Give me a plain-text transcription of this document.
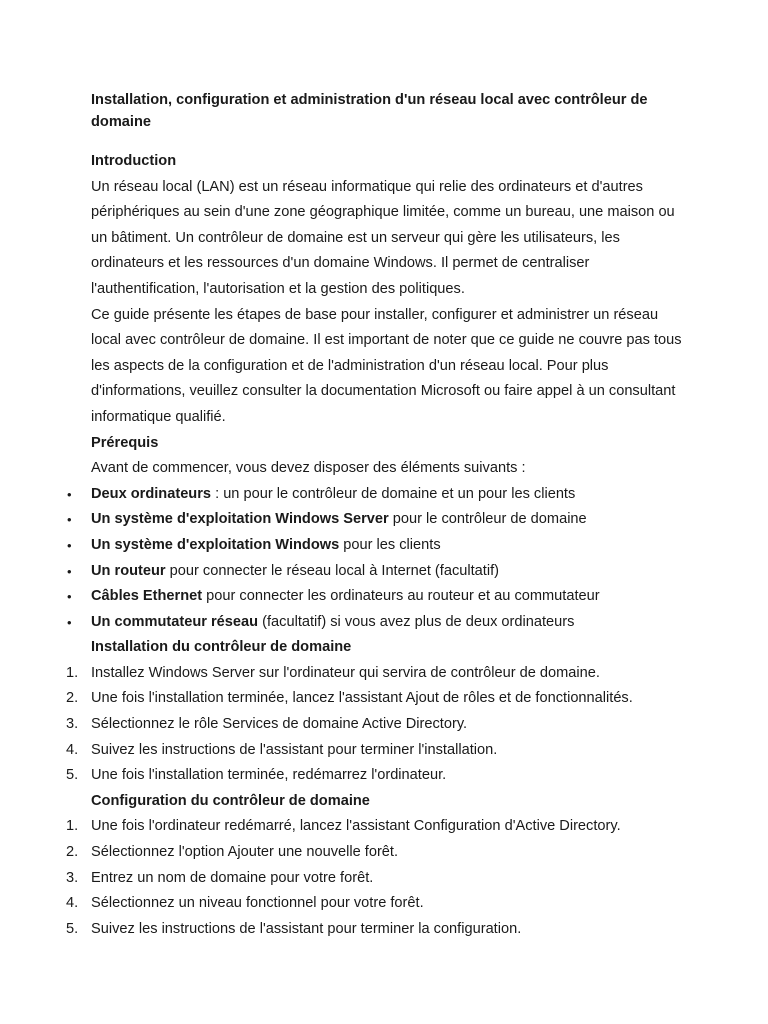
Installation, configuration et administration d'un réseau local avec contrôleur de domaine
Introduction

Un réseau local (LAN) est un réseau informatique qui relie des ordinateurs et d'autres périphériques au sein d'une zone géographique limitée, comme un bureau, une maison ou un bâtiment. Un contrôleur de domaine est un serveur qui gère les utilisateurs, les ordinateurs et les ressources d'un domaine Windows. Il permet de centraliser l'authentification, l'autorisation et la gestion des politiques.

Ce guide présente les étapes de base pour installer, configurer et administrer un réseau local avec contrôleur de domaine. Il est important de noter que ce guide ne couvre pas tous les aspects de la configuration et de l'administration d'un réseau local. Pour plus d'informations, veuillez consulter la documentation Microsoft ou faire appel à un consultant informatique qualifié.

Prérequis

Avant de commencer, vous devez disposer des éléments suivants :

• Deux ordinateurs : un pour le contrôleur de domaine et un pour les clients
• Un système d'exploitation Windows Server pour le contrôleur de domaine
• Un système d'exploitation Windows pour les clients
• Un routeur pour connecter le réseau local à Internet (facultatif)
• Câbles Ethernet pour connecter les ordinateurs au routeur et au commutateur
• Un commutateur réseau (facultatif) si vous avez plus de deux ordinateurs
Installation du contrôleur de domaine
1. Installez Windows Server sur l'ordinateur qui servira de contrôleur de domaine.
2. Une fois l'installation terminée, lancez l'assistant Ajout de rôles et de fonctionnalités.
3. Sélectionnez le rôle Services de domaine Active Directory.
4. Suivez les instructions de l'assistant pour terminer l'installation.
5. Une fois l'installation terminée, redémarrez l'ordinateur.
Configuration du contrôleur de domaine
1. Une fois l'ordinateur redémarré, lancez l'assistant Configuration d'Active Directory.
2. Sélectionnez l'option Ajouter une nouvelle forêt.
3. Entrez un nom de domaine pour votre forêt.
4. Sélectionnez un niveau fonctionnel pour votre forêt.
5. Suivez les instructions de l'assistant pour terminer la configuration.
